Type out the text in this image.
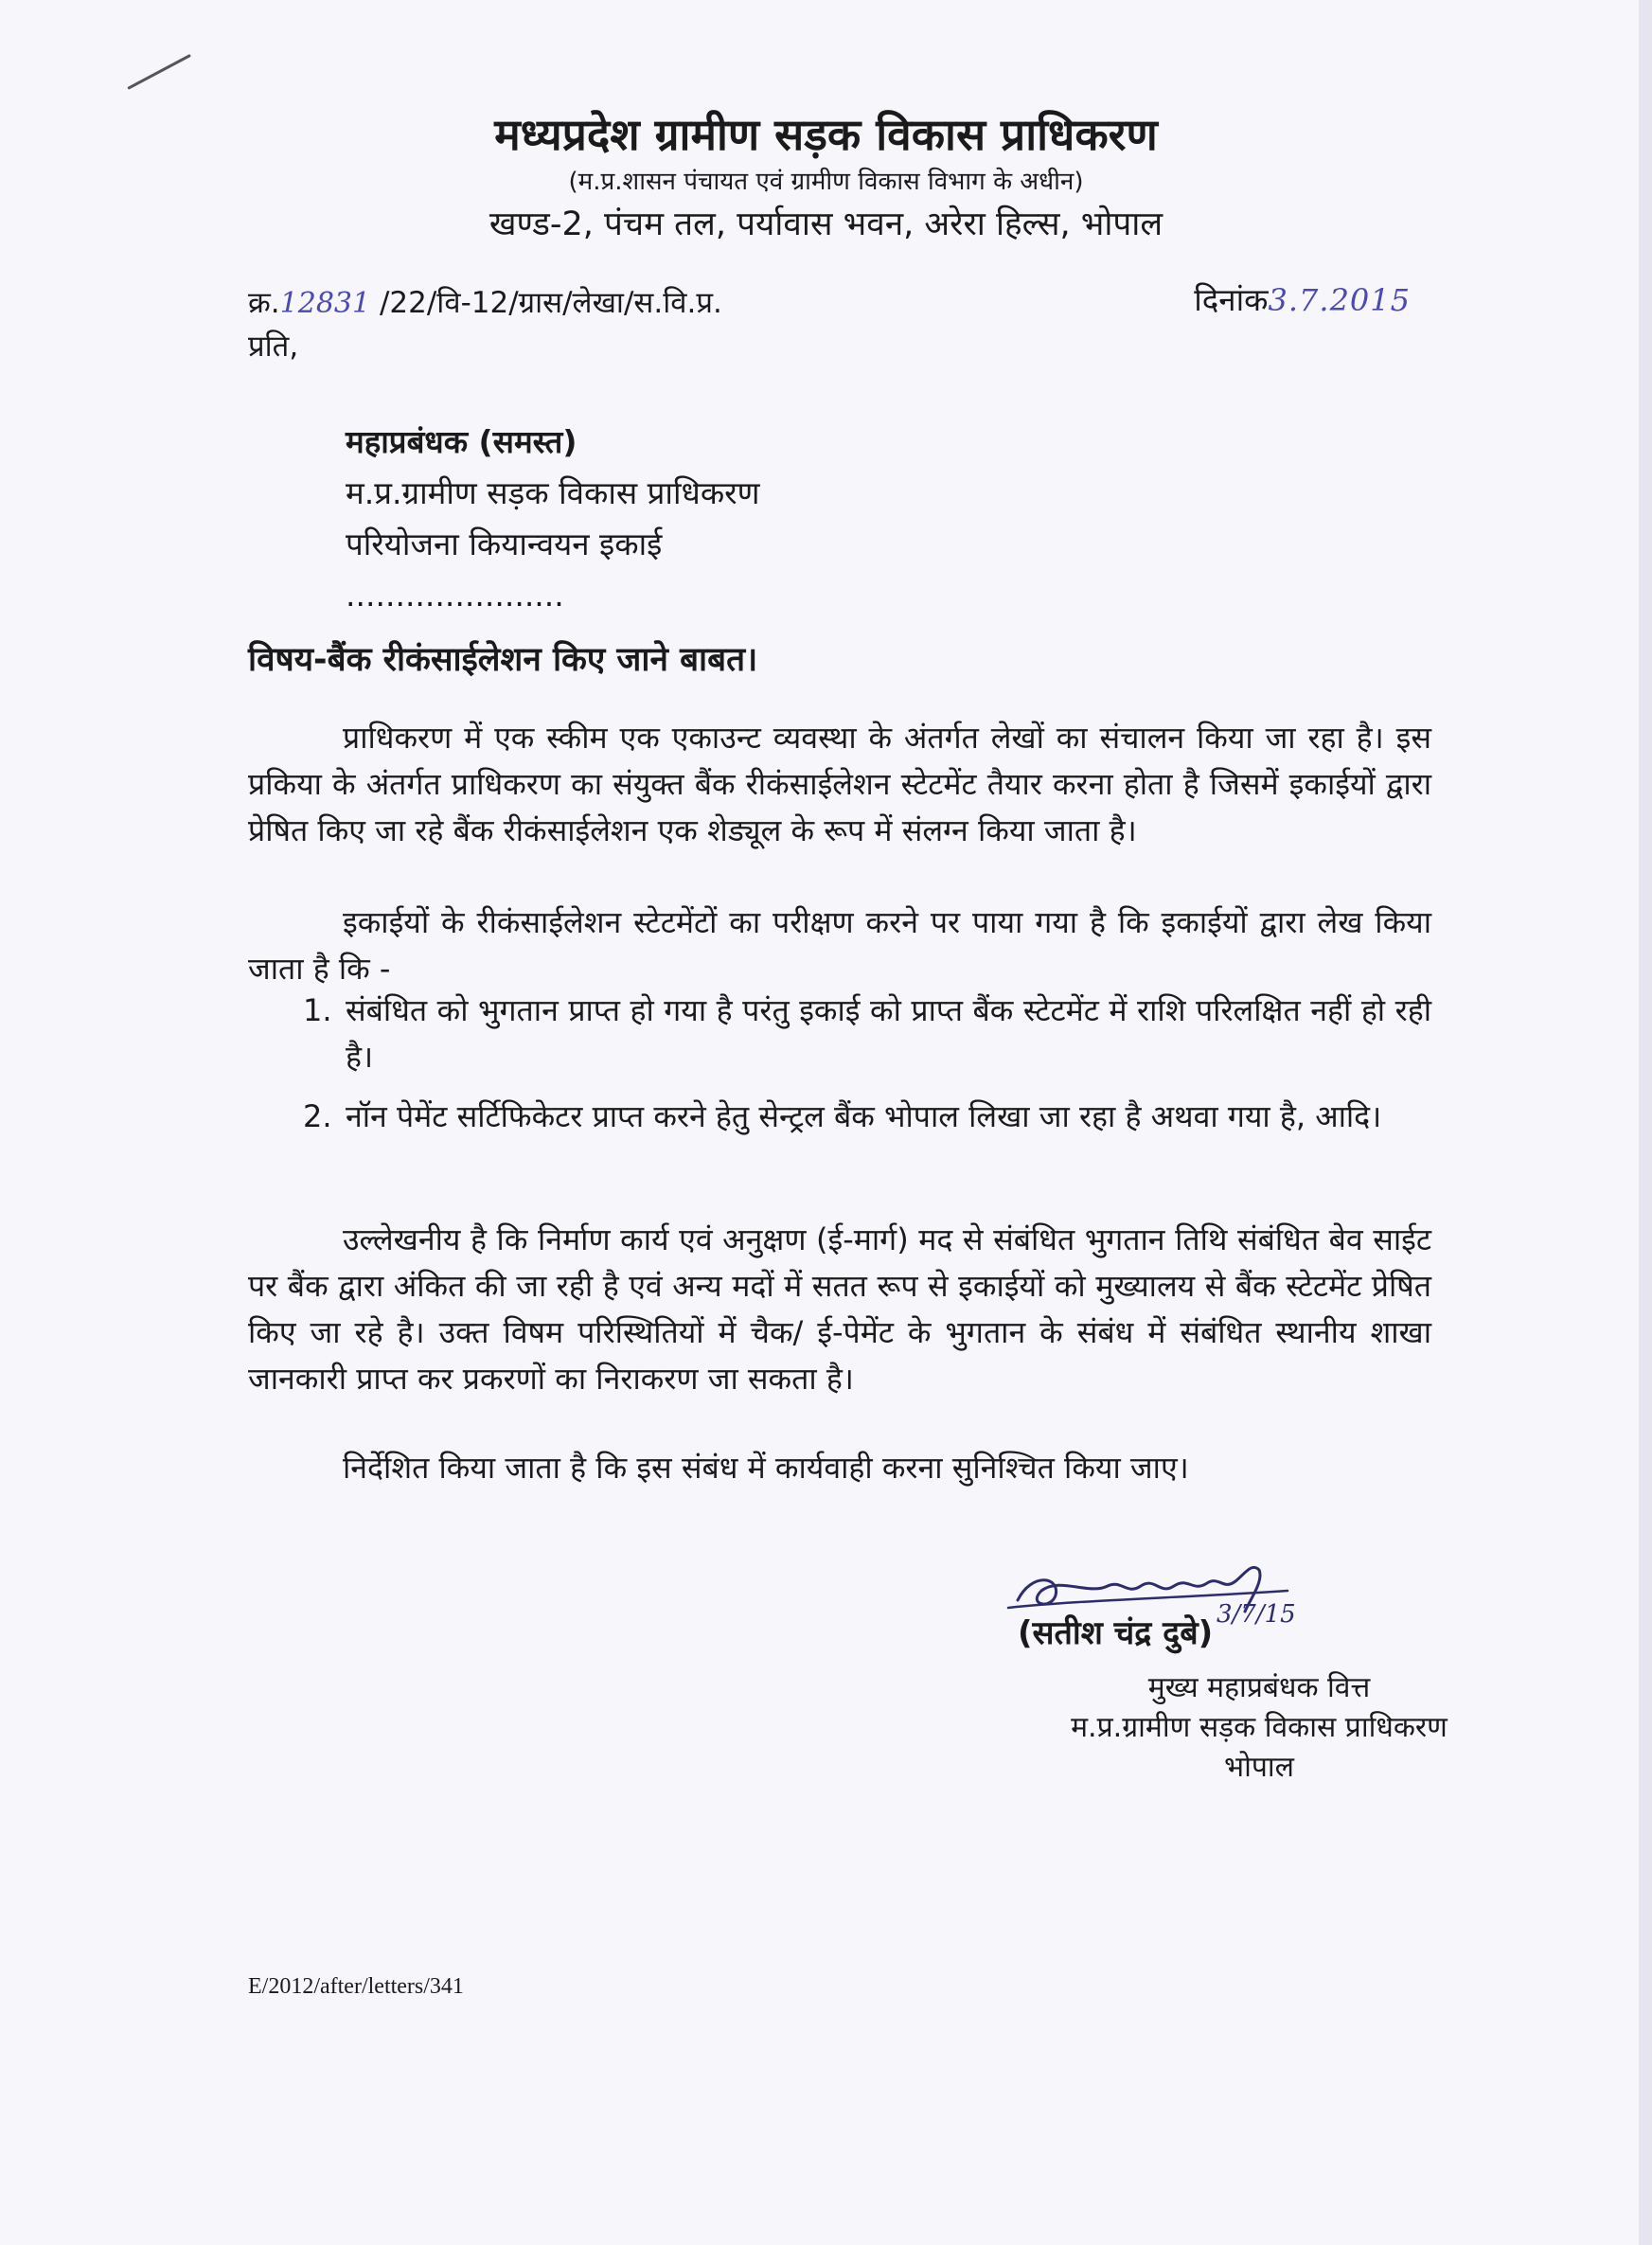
मध्यप्रदेश ग्रामीण सड़क विकास प्राधिकरण
(म.प्र.शासन पंचायत एवं ग्रामीण विकास विभाग के अधीन)
खण्ड-2, पंचम तल, पर्यावास भवन, अरेरा हिल्स, भोपाल
क्र.12831 /22/वि-12/ग्रास/लेखा/स.वि.प्र.	दिनांक3.7.2015
प्रति,
महाप्रबंधक (समस्त)
म.प्र.ग्रामीण सड़क विकास प्राधिकरण
परियोजना कियान्वयन इकाई
......................
विषय-बैंक रीकंसाईलेशन किए जाने बाबत।

प्राधिकरण में एक स्कीम एक एकाउन्ट व्यवस्था के अंतर्गत लेखों का संचालन किया जा रहा है। इस प्रकिया के अंतर्गत प्राधिकरण का संयुक्त बैंक रीकंसाईलेशन स्टेटमेंट तैयार करना होता है जिसमें इकाईयों द्वारा प्रेषित किए जा रहे बैंक रीकंसाईलेशन एक शेड्यूल के रूप में संलग्न किया जाता है।

इकाईयों के रीकंसाईलेशन स्टेटमेंटों का परीक्षण करने पर पाया गया है कि इकाईयों द्वारा लेख किया जाता है कि -

1. संबंधित को भुगतान प्राप्त हो गया है परंतु इकाई को प्राप्त बैंक स्टेटमेंट में राशि परिलक्षित नहीं हो रही है।
2. नॉन पेमेंट सर्टिफिकेटर प्राप्त करने हेतु सेन्ट्रल बैंक भोपाल लिखा जा रहा है अथवा गया है, आदि।

उल्लेखनीय है कि निर्माण कार्य एवं अनुक्षण (ई-मार्ग) मद से संबंधित भुगतान तिथि संबंधित बेव साईट पर बैंक द्वारा अंकित की जा रही है एवं अन्य मदों में सतत रूप से इकाईयों को मुख्यालय से बैंक स्टेटमेंट प्रेषित किए जा रहे है। उक्त विषम परिस्थितियों में चैक/ ई-पेमेंट के भुगतान के संबंध में संबंधित स्थानीय शाखा जानकारी प्राप्त कर प्रकरणों का निराकरण जा सकता है।

निर्देशित किया जाता है कि इस संबंध में कार्यवाही करना सुनिश्चित किया जाए।

(सतीश चंद्र दुबे) 3/7/15
मुख्य महाप्रबंधक वित्त
म.प्र.ग्रामीण सड़क विकास प्राधिकरण
भोपाल
E/2012/after/letters/341
